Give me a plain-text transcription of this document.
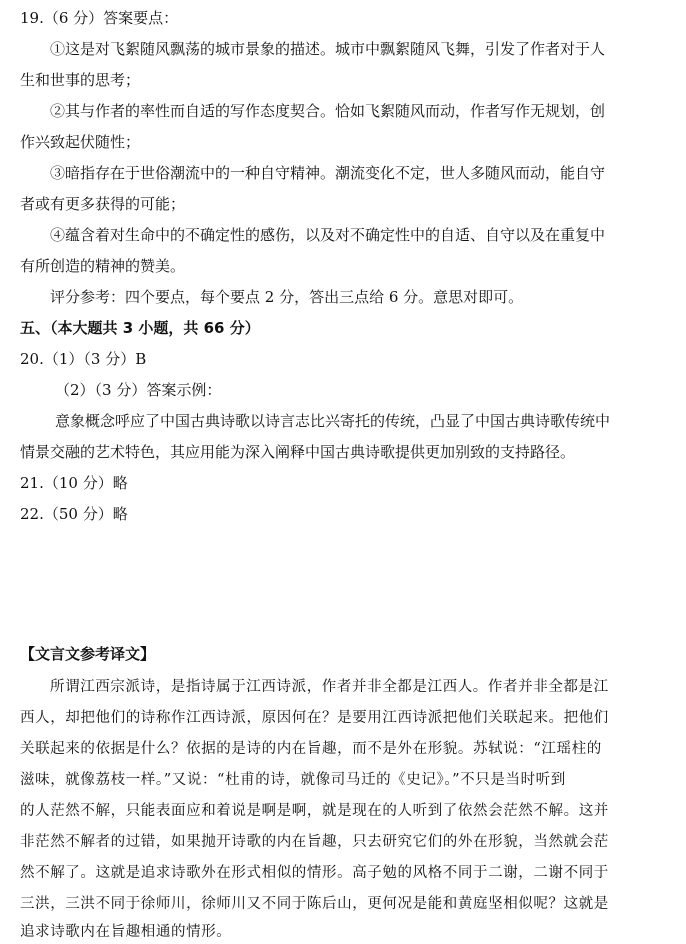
19.（6 分）答案要点：
①这是对飞絮随风飘荡的城市景象的描述。城市中飘絮随风飞舞，引发了作者对于人
生和世事的思考；
②其与作者的率性而自适的写作态度契合。恰如飞絮随风而动，作者写作无规划，创
作兴致起伏随性；
③暗指存在于世俗潮流中的一种自守精神。潮流变化不定，世人多随风而动，能自守
者或有更多获得的可能；
④蕴含着对生命中的不确定性的感伤，以及对不确定性中的自适、自守以及在重复中
有所创造的精神的赞美。
评分参考：四个要点，每个要点 2 分，答出三点给 6 分。意思对即可。
五、（本大题共 3 小题，共 66 分）
20.（1）（3 分）B
（2）（3 分）答案示例：
意象概念呼应了中国古典诗歌以诗言志比兴寄托的传统，凸显了中国古典诗歌传统中
情景交融的艺术特色，其应用能为深入阐释中国古典诗歌提供更加别致的支持路径。
21.（10 分）略
22.（50 分）略
【文言文参考译文】
所谓江西宗派诗，是指诗属于江西诗派，作者并非全都是江西人。作者并非全都是江
西人，却把他们的诗称作江西诗派，原因何在？是要用江西诗派把他们关联起来。把他们
关联起来的依据是什么？依据的是诗的内在旨趣，而不是外在形貌。苏轼说：“江瑶柱的
滋味，就像荔枝一样。”又说：“杜甫的诗，就像司马迁的《史记》。”不只是当时听到
的人茫然不解，只能表面应和着说是啊是啊，就是现在的人听到了依然会茫然不解。这并
非茫然不解者的过错，如果抛开诗歌的内在旨趣，只去研究它们的外在形貌，当然就会茫
然不解了。这就是追求诗歌外在形式相似的情形。高子勉的风格不同于二谢，二谢不同于
三洪，三洪不同于徐师川，徐师川又不同于陈后山，更何况是能和黄庭坚相似呢？这就是
追求诗歌内在旨趣相通的情形。
